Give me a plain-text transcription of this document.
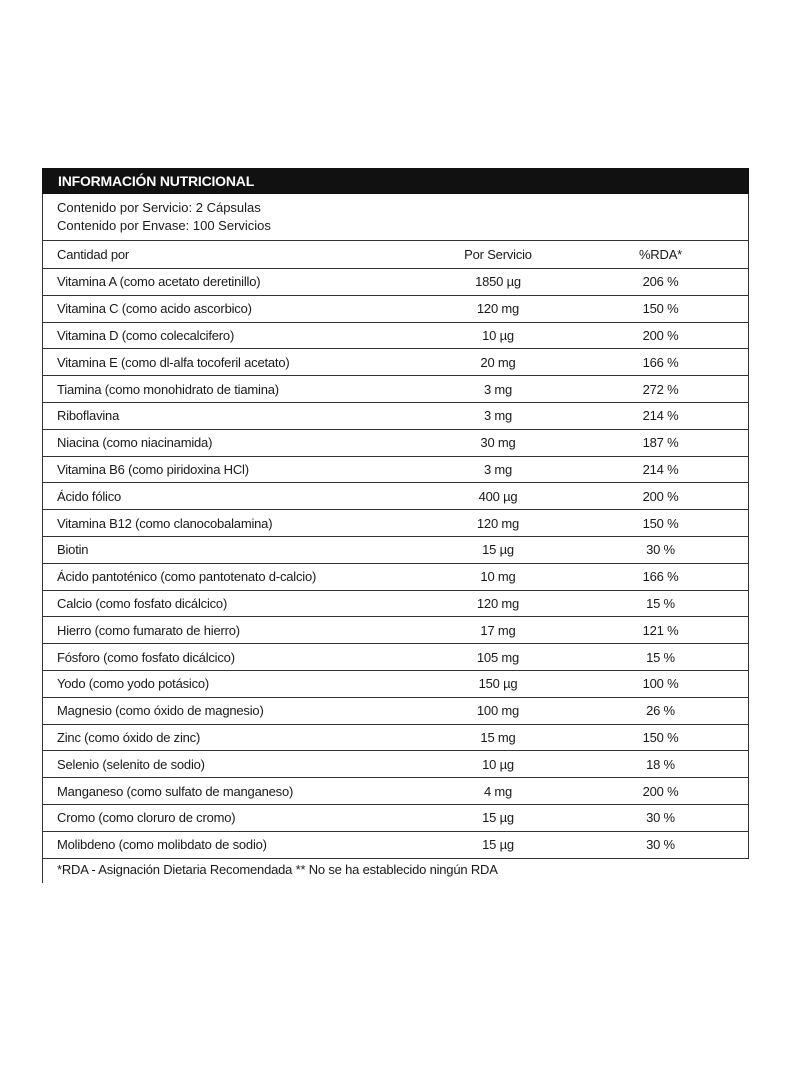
INFORMACIÓN NUTRICIONAL
Contenido por Servicio: 2 Cápsulas
Contenido por Envase: 100 Servicios
Cantidad por	Por Servicio	%RDA*
Vitamina A (como acetato deretinillo)	1850 µg	206 %
Vitamina C (como acido ascorbico)	120 mg	150 %
Vitamina D (como colecalcifero)	10 µg	200 %
Vitamina E (como dl-alfa tocoferil acetato)	20 mg	166 %
Tiamina (como monohidrato de tiamina)	3 mg	272 %
Riboflavina	3 mg	214 %
Niacina (como niacinamida)	30 mg	187 %
Vitamina B6 (como piridoxina HCl)	3 mg	214 %
Ácido fólico	400 µg	200 %
Vitamina B12 (como clanocobalamina)	120 mg	150 %
Biotin	15 µg	30 %
Ácido pantoténico (como pantotenato d-calcio)	10 mg	166 %
Calcio (como fosfato dicálcico)	120 mg	15 %
Hierro (como fumarato de hierro)	17 mg	121 %
Fósforo (como fosfato dicálcico)	105 mg	15 %
Yodo (como yodo potásico)	150 µg	100 %
Magnesio (como óxido de magnesio)	100 mg	26 %
Zinc (como óxido de zinc)	15 mg	150 %
Selenio (selenito de sodio)	10 µg	18 %
Manganeso (como sulfato de manganeso)	4 mg	200 %
Cromo (como cloruro de cromo)	15 µg	30 %
Molibdeno (como molibdato de sodio)	15 µg	30 %
*RDA - Asignación Dietaria Recomendada ** No se ha establecido ningún RDA
